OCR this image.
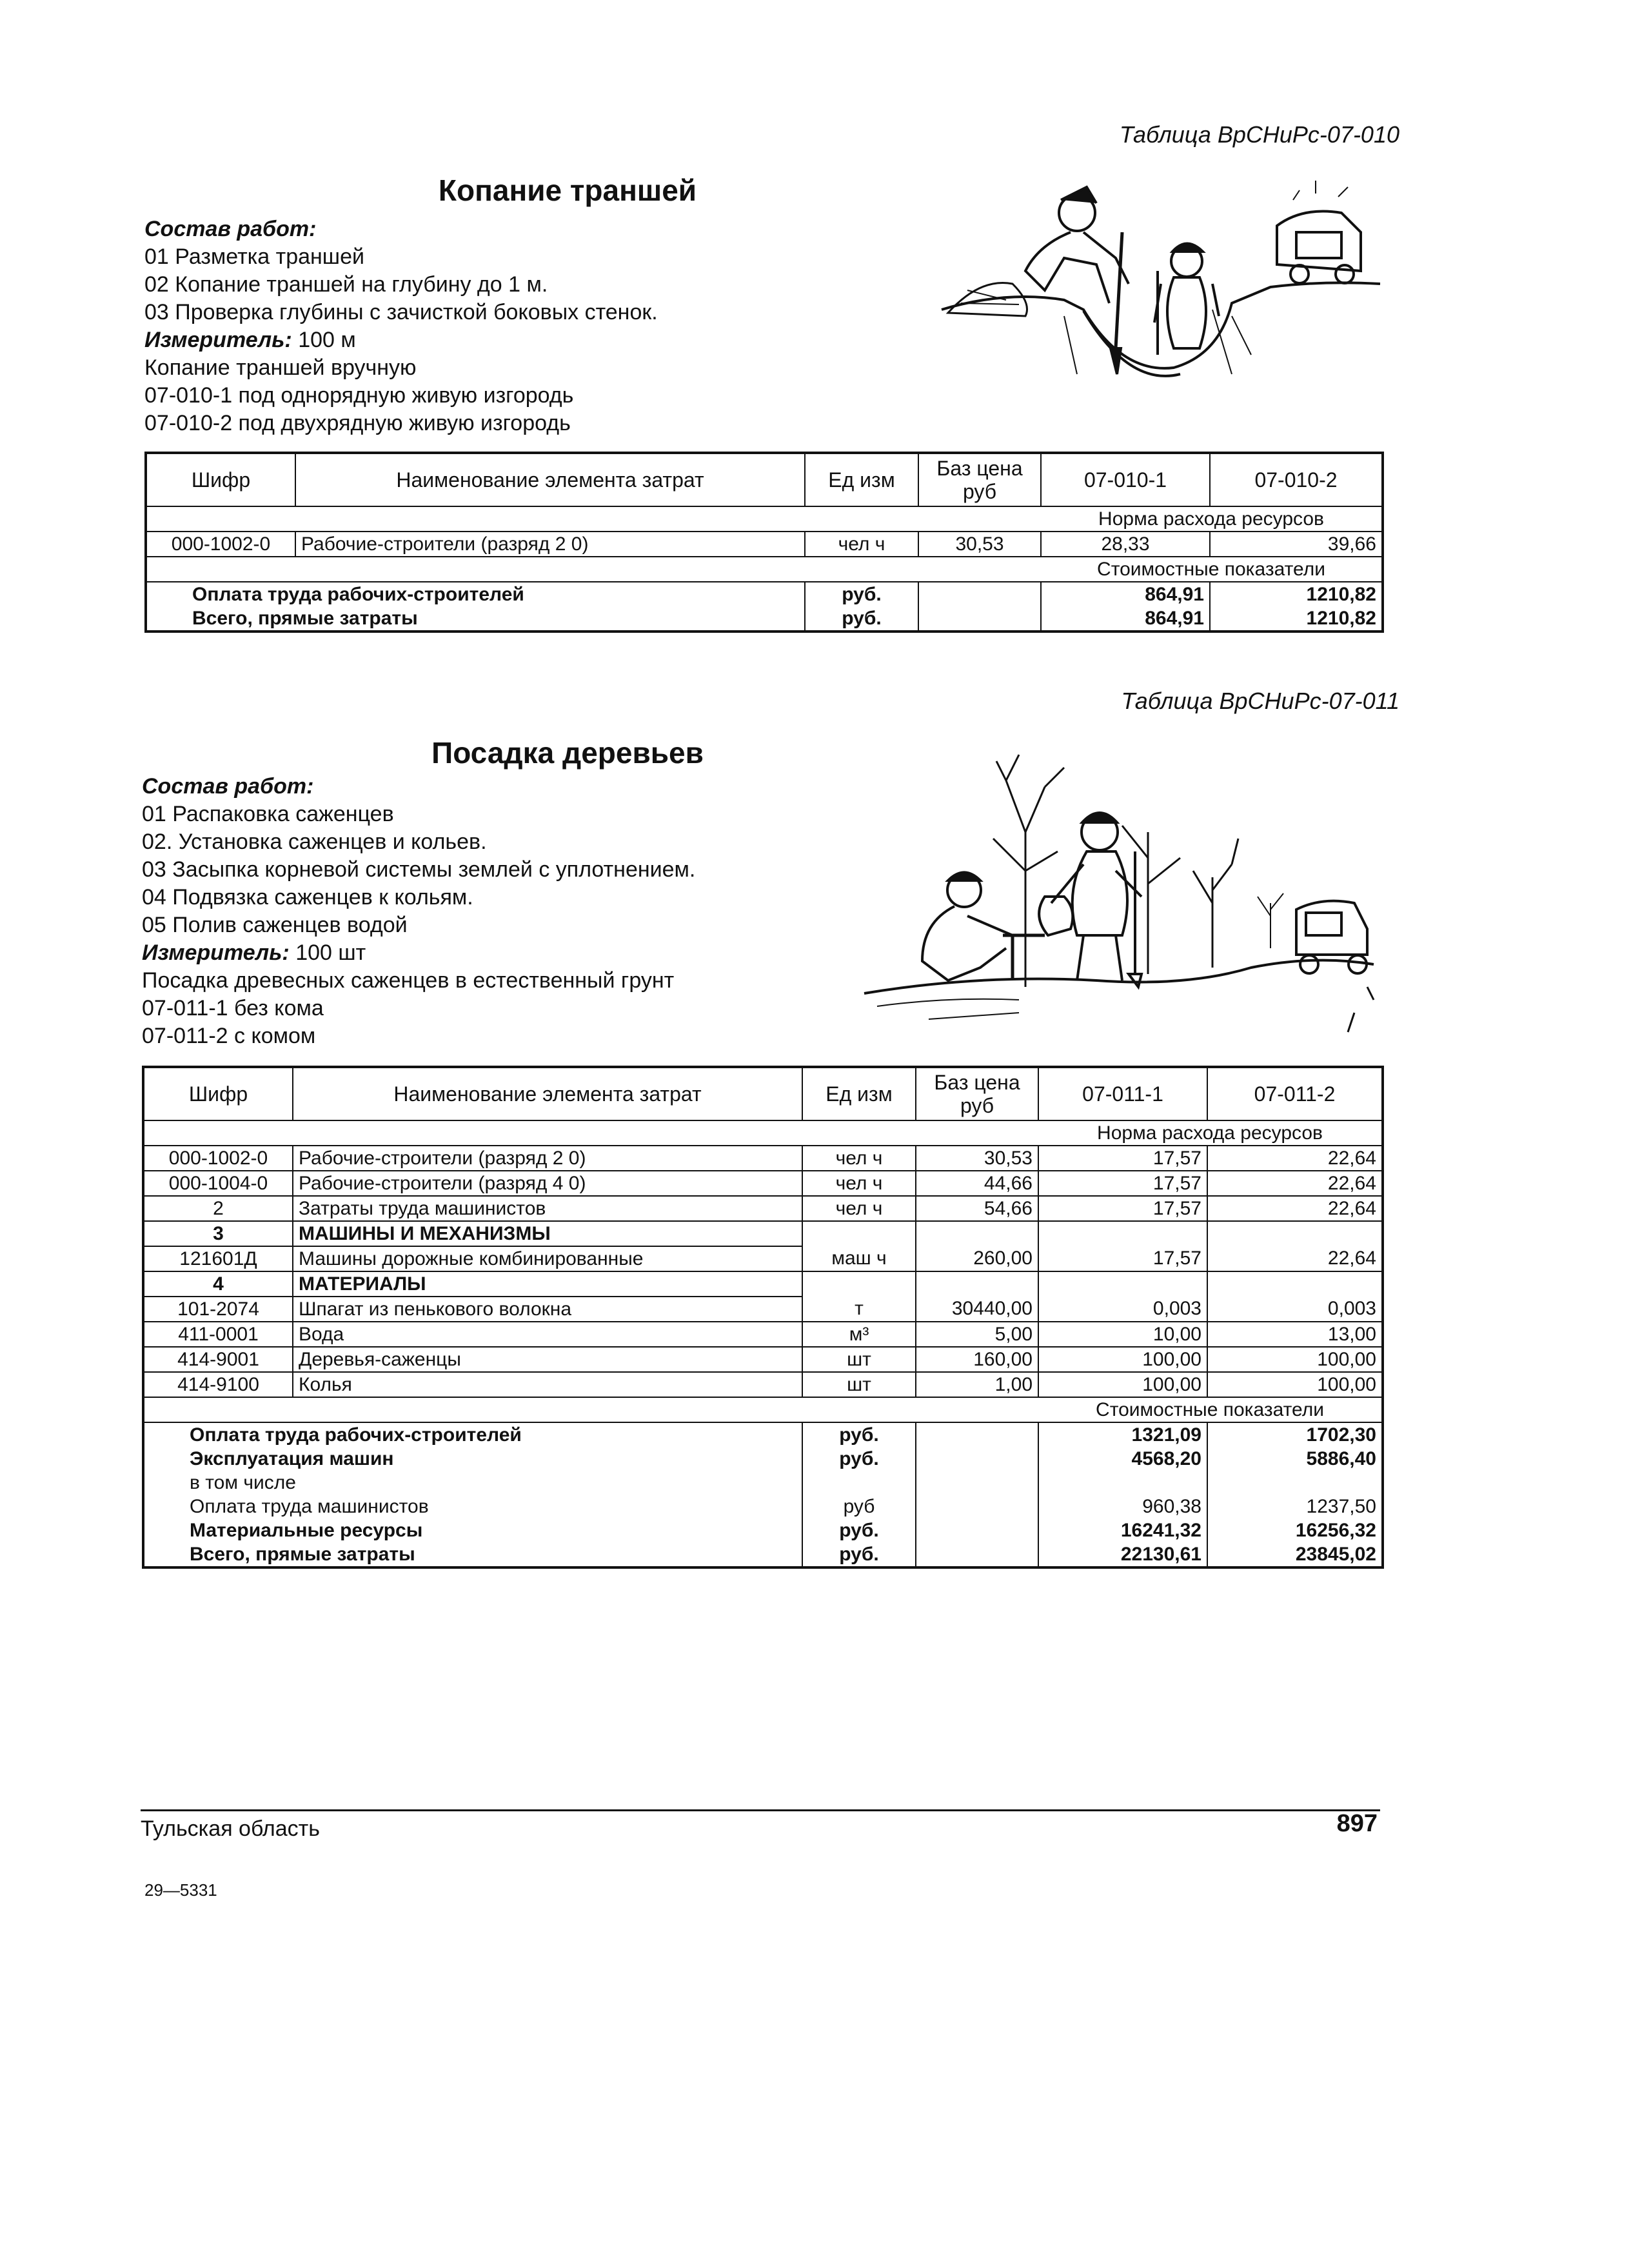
Таблица ВрСНиРс-07-010
Копание траншей
Состав работ:
01 Разметка траншей
02 Копание траншей на глубину до 1 м.
03 Проверка глубины с зачисткой боковых стенок.
Измеритель: 100 м
Копание траншей вручную
07-010-1 под однорядную живую изгородь
07-010-2 под двухрядную живую изгородь
Шифр	Наименование элемента затрат	Ед изм	Баз цена руб	07-010-1	07-010-2
				Норма расхода ресурсов	
000-1002-0	Рабочие-строители (разряд 2 0)	чел ч	30,53	28,33	39,66
				Стоимостные показатели	
Оплата труда рабочих-строителей		руб.		864,91	1210,82
Всего, прямые затраты		руб.		864,91	1210,82
Таблица ВрСНиРс-07-011
Посадка деревьев
Состав работ:
01 Распаковка саженцев
02. Установка саженцев и кольев.
03 Засыпка корневой системы землей с уплотнением.
04 Подвязка саженцев к кольям.
05 Полив саженцев водой
Измеритель: 100 шт
Посадка древесных саженцев в естественный грунт
07-011-1 без кома
07-011-2 с комом
Шифр	Наименование элемента затрат	Ед изм	Баз цена руб	07-011-1	07-011-2
				Норма расхода ресурсов	
000-1002-0	Рабочие-строители (разряд 2 0)	чел ч	30,53	17,57	22,64
000-1004-0	Рабочие-строители (разряд 4 0)	чел ч	44,66	17,57	22,64
2	Затраты труда машинистов	чел ч	54,66	17,57	22,64
3	МАШИНЫ И МЕХАНИЗМЫ				
121601Д	Машины дорожные комбинированные	маш ч	260,00	17,57	22,64
4	МАТЕРИАЛЫ				
101-2074	Шпагат из пенькового волокна	т	30440,00	0,003	0,003
411-0001	Вода	м³	5,00	10,00	13,00
414-9001	Деревья-саженцы	шт	160,00	100,00	100,00
414-9100	Колья	шт	1,00	100,00	100,00
				Стоимостные показатели	
Оплата труда рабочих-строителей		руб.		1321,09	1702,30
Эксплуатация машин		руб.		4568,20	5886,40
в том числе					
Оплата труда машинистов		руб		960,38	1237,50
Материальные ресурсы		руб.		16241,32	16256,32
Всего, прямые затраты		руб.		22130,61	23845,02
Тульская область	897
29—5331
